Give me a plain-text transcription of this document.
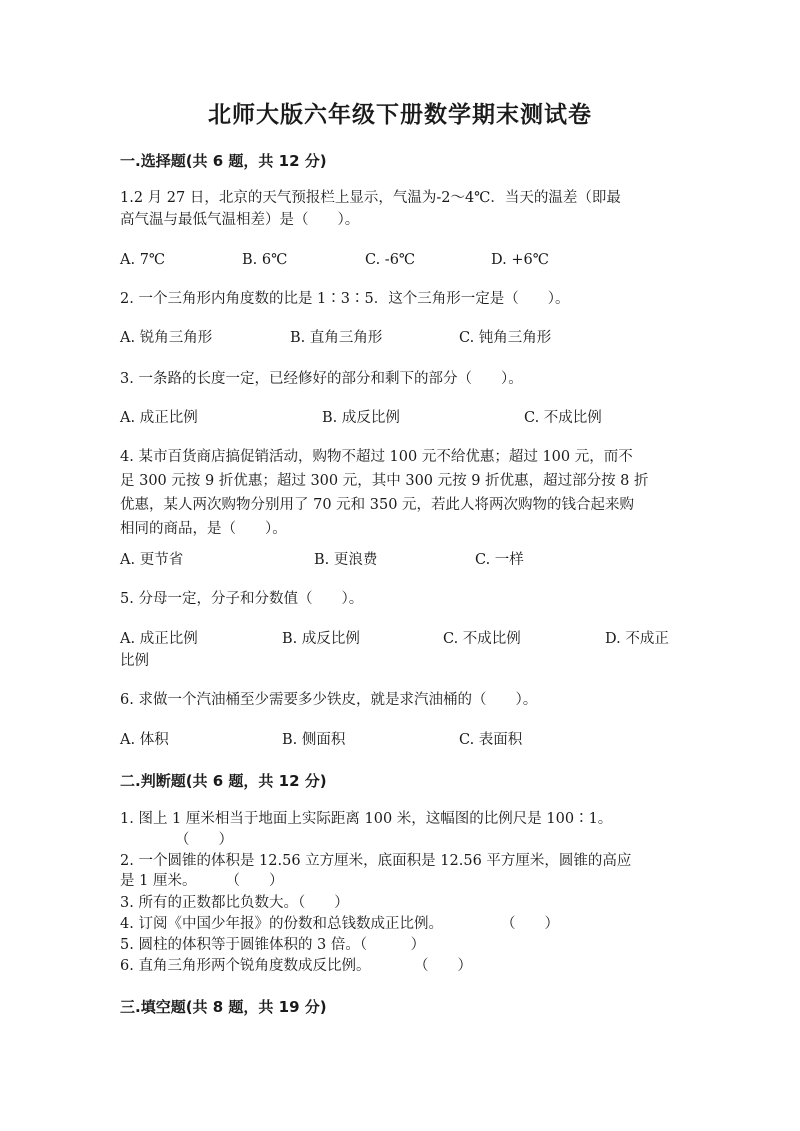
北师大版六年级下册数学期末测试卷
一.选择题(共 6 题，共 12 分)
1.2 月 27 日，北京的天气预报栏上显示，气温为-2～4℃．当天的温差（即最
高气温与最低气温相差）是（　　）。
A. 7℃	B. 6℃	C. -6℃	D. +6℃
2. 一个三角形内角度数的比是 1∶3∶5．这个三角形一定是（　　）。
A. 锐角三角形	B. 直角三角形	C. 钝角三角形
3. 一条路的长度一定，已经修好的部分和剩下的部分（　　）。
A. 成正比例	B. 成反比例	C. 不成比例
4. 某市百货商店搞促销活动，购物不超过 100 元不给优惠；超过 100 元，而不
足 300 元按 9 折优惠；超过 300 元，其中 300 元按 9 折优惠，超过部分按 8 折
优惠，某人两次购物分别用了 70 元和 350 元，若此人将两次购物的钱合起来购
相同的商品，是（　　）。
A. 更节省	B. 更浪费	C. 一样
5. 分母一定，分子和分数值（　　）。
A. 成正比例	B. 成反比例	C. 不成比例	D. 不成正
比例
6. 求做一个汽油桶至少需要多少铁皮，就是求汽油桶的（　　）。
A. 体积	B. 侧面积	C. 表面积
二.判断题(共 6 题，共 12 分)
1. 图上 1 厘米相当于地面上实际距离 100 米，这幅图的比例尺是 100∶1。
（　　）
2. 一个圆锥的体积是 12.56 立方厘米，底面积是 12.56 平方厘米，圆锥的高应
是 1 厘米。　　　（　　）
3. 所有的正数都比负数大。（　　）
4. 订阅《中国少年报》的份数和总钱数成正比例。　　　　　（　　）
5. 圆柱的体积等于圆锥体积的 3 倍。（　　　）
6. 直角三角形两个锐角度数成反比例。　　　　（　　）
三.填空题(共 8 题，共 19 分)
